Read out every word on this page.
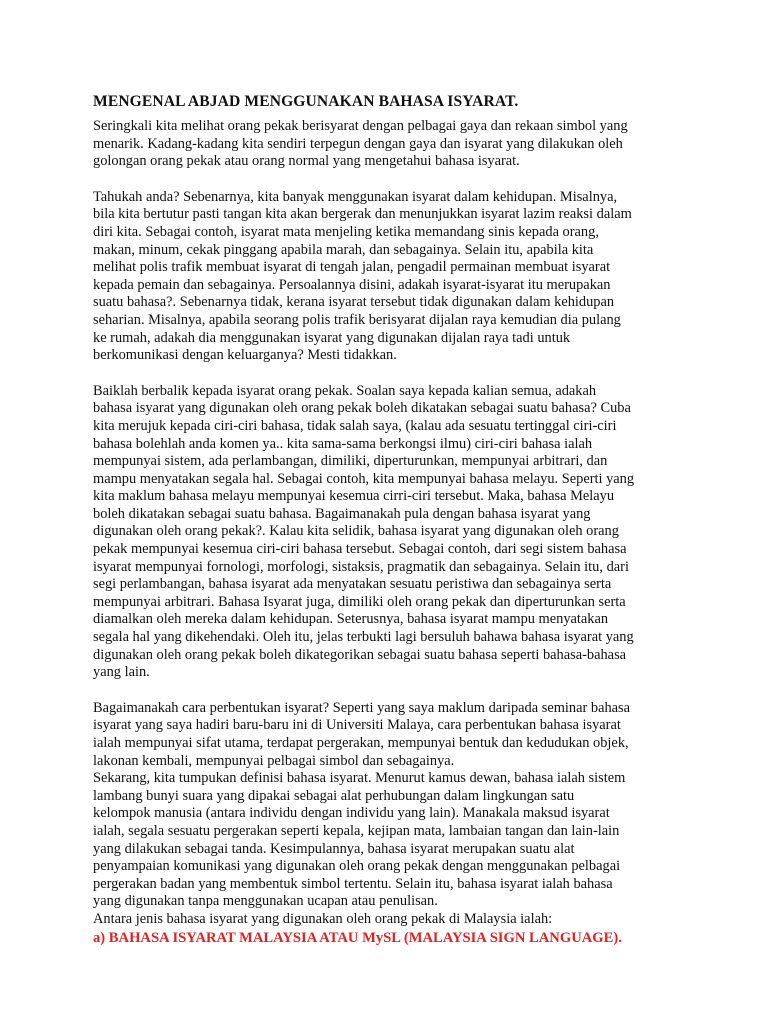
MENGENAL ABJAD MENGGUNAKAN BAHASA ISYARAT.

Seringkali kita melihat orang pekak berisyarat dengan pelbagai gaya dan rekaan simbol yang
menarik. Kadang-kadang kita sendiri terpegun dengan gaya dan isyarat yang dilakukan oleh
golongan orang pekak atau orang normal yang mengetahui bahasa isyarat.

Tahukah anda? Sebenarnya, kita banyak menggunakan isyarat dalam kehidupan. Misalnya,
bila kita bertutur pasti tangan kita akan bergerak dan menunjukkan isyarat lazim reaksi dalam
diri kita. Sebagai contoh, isyarat mata menjeling ketika memandang sinis kepada orang,
makan, minum, cekak pinggang apabila marah, dan sebagainya. Selain itu, apabila kita
melihat polis trafik membuat isyarat di tengah jalan, pengadil permainan membuat isyarat
kepada pemain dan sebagainya. Persoalannya disini, adakah isyarat-isyarat itu merupakan
suatu bahasa?. Sebenarnya tidak, kerana isyarat tersebut tidak digunakan dalam kehidupan
seharian. Misalnya, apabila seorang polis trafik berisyarat dijalan raya kemudian dia pulang
ke rumah, adakah dia menggunakan isyarat yang digunakan dijalan raya tadi untuk
berkomunikasi dengan keluarganya? Mesti tidakkan.

Baiklah berbalik kepada isyarat orang pekak. Soalan saya kepada kalian semua, adakah
bahasa isyarat yang digunakan oleh orang pekak boleh dikatakan sebagai suatu bahasa? Cuba
kita merujuk kepada ciri-ciri bahasa, tidak salah saya, (kalau ada sesuatu tertinggal ciri-ciri
bahasa bolehlah anda komen ya.. kita sama-sama berkongsi ilmu) ciri-ciri bahasa ialah
mempunyai sistem, ada perlambangan, dimiliki, diperturunkan, mempunyai arbitrari, dan
mampu menyatakan segala hal. Sebagai contoh, kita mempunyai bahasa melayu. Seperti yang
kita maklum bahasa melayu mempunyai kesemua cirri-ciri tersebut. Maka, bahasa Melayu
boleh dikatakan sebagai suatu bahasa. Bagaimanakah pula dengan bahasa isyarat yang
digunakan oleh orang pekak?. Kalau kita selidik, bahasa isyarat yang digunakan oleh orang
pekak mempunyai kesemua ciri-ciri bahasa tersebut. Sebagai contoh, dari segi sistem bahasa
isyarat mempunyai fornologi, morfologi, sistaksis, pragmatik dan sebagainya. Selain itu, dari
segi perlambangan, bahasa isyarat ada menyatakan sesuatu peristiwa dan sebagainya serta
mempunyai arbitrari. Bahasa Isyarat juga, dimiliki oleh orang pekak dan diperturunkan serta
diamalkan oleh mereka dalam kehidupan. Seterusnya, bahasa isyarat mampu menyatakan
segala hal yang dikehendaki. Oleh itu, jelas terbukti lagi bersuluh bahawa bahasa isyarat yang
digunakan oleh orang pekak boleh dikategorikan sebagai suatu bahasa seperti bahasa-bahasa
yang lain.

Bagaimanakah cara perbentukan isyarat? Seperti yang saya maklum daripada seminar bahasa
isyarat yang saya hadiri baru-baru ini di Universiti Malaya, cara perbentukan bahasa isyarat
ialah mempunyai sifat utama, terdapat pergerakan, mempunyai bentuk dan kedudukan objek,
lakonan kembali, mempunyai pelbagai simbol dan sebagainya.
Sekarang, kita tumpukan definisi bahasa isyarat. Menurut kamus dewan, bahasa ialah sistem
lambang bunyi suara yang dipakai sebagai alat perhubungan dalam lingkungan satu
kelompok manusia (antara individu dengan individu yang lain). Manakala maksud isyarat
ialah, segala sesuatu pergerakan seperti kepala, kejipan mata, lambaian tangan dan lain-lain
yang dilakukan sebagai tanda. Kesimpulannya, bahasa isyarat merupakan suatu alat
penyampaian komunikasi yang digunakan oleh orang pekak dengan menggunakan pelbagai
pergerakan badan yang membentuk simbol tertentu. Selain itu, bahasa isyarat ialah bahasa
yang digunakan tanpa menggunakan ucapan atau penulisan.
Antara jenis bahasa isyarat yang digunakan oleh orang pekak di Malaysia ialah:

a) BAHASA ISYARAT MALAYSIA ATAU MySL (MALAYSIA SIGN LANGUAGE).
